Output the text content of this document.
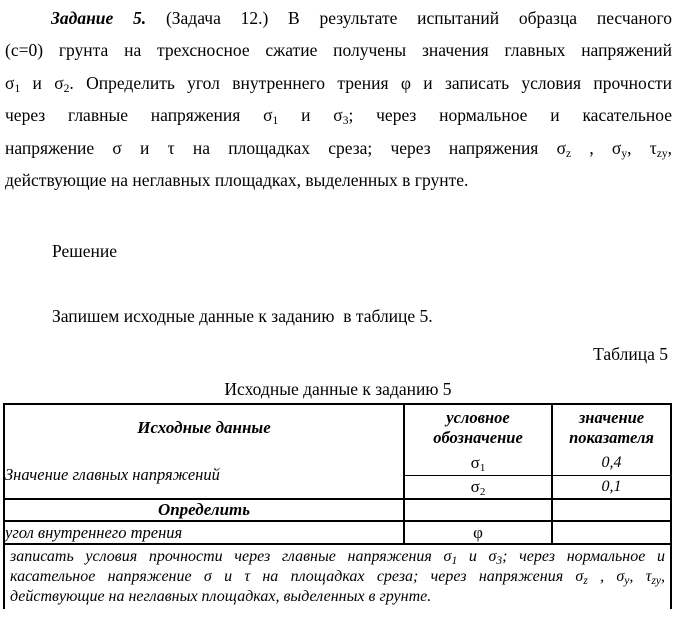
Задание 5. (Задача 12.) В результате испытаний образца песчаного
(с=0) грунта на трехсносное сжатие получены значения главных напряжений
σ1 и σ2. Определить угол внутреннего трения φ и записать условия прочности
через главные напряжения σ1 и σ3; через нормальное и касательное
напряжение σ и τ на площадках среза; через напряжения σz , σy, τzy,
действующие на неглавных площадках, выделенных в грунте.
Решение
Запишем исходные данные к заданию  в таблице 5.
Таблица 5
Исходные данные к заданию 5
Исходные данные	условное обозначение	значение показателя
Значение главных напряжений	σ1	0,4
	σ2	0,1
Определить		
угол внутреннего трения	φ	

записать условия прочности через главные напряжения σ1 и σ3; через нормальное и
касательное напряжение σ и τ на площадках среза; через напряжения σz , σy, τzy,
действующие на неглавных площадках, выделенных в грунте.		
